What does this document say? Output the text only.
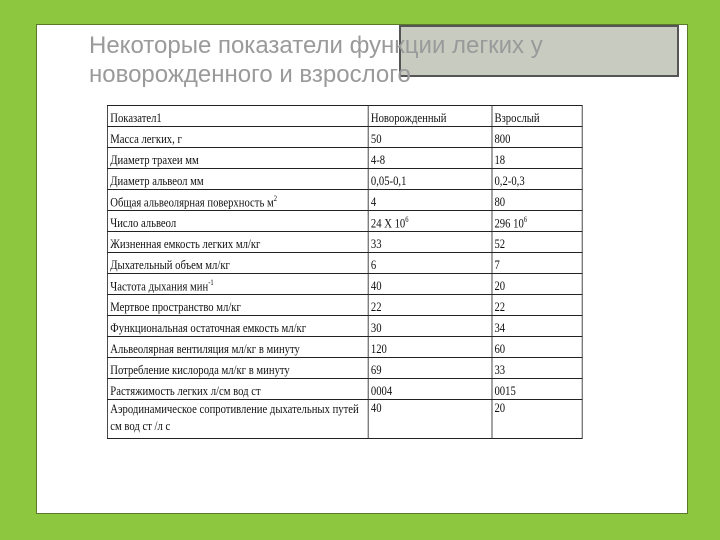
Некоторые показатели функции легких у
новорожденного и взрослого
Показател1	Новорожденный	Взрослый
Масса легких, г	50	800
Диаметр трахеи мм	4-8	18
Диаметр альвеол мм	0,05-0,1	0,2-0,3
Общая альвеолярная поверхность $м^2$	4	80
Число альвеол	24 Х $10^6$	296 $10^6$
Жизненная емкость легких мл/кг	33	52
Дыхательный объем мл/кг	6	7
Частота дыхания мин$^{-1}$	40	20
Мертвое пространство мл/кг	22	22
Функциональная остаточная емкость мл/кг	30	34
Альвеолярная вентиляция мл/кг в минуту	120	60
Потребление кислорода мл/кг в минуту	69	33
Растяжимость легких л/см вод ст	0004	0015
Аэродинамическое сопротивление дыхательных путей см вод ст /л с	40	20
